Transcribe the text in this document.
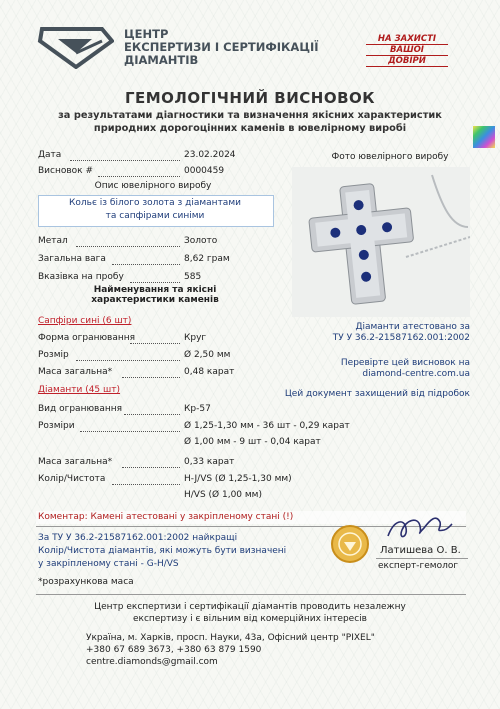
ЦЕНТР
ЕКСПЕРТИЗИ І СЕРТИФІКАЦІЇ
ДІАМАНТІВ
НА ЗАХИСТІ
ВАШОЇ
ДОВІРИ
ГЕМОЛОГІЧНИЙ ВИСНОВОК
за результатами діагностики та визначення якісних характеристик
природних дорогоцінних каменів в ювелірному виробі
Дата	23.02.2024
Висновок #	0000459
Опис ювелірного виробу
Кольє із білого золота з діамантами
та сапфірами синіми
Метал	Золото
Загальна вага	8,62 грам
Вказівка на пробу	585
Найменування та якісні
характеристики каменів
Сапфіри сині (6 шт)
Форма огранювання	Круг
Розмір	Ø 2,50 мм
Маса загальна*	0,48 карат
Діаманти (45 шт)
Вид огранювання	Кр-57
Розміри	Ø 1,25-1,30 мм - 36 шт - 0,29 карат
Ø 1,00 мм - 9 шт - 0,04 карат
Маса загальна*	0,33 карат
Колір/Чистота	H-J/VS (Ø 1,25-1,30 мм)
H/VS (Ø 1,00 мм)
Фото ювелірного виробу
Діаманти атестовано за
ТУ У 36.2-21587162.001:2002
Перевірте цей висновок на
diamond-centre.com.ua
Цей документ захищений від підробок
Коментар: Камені атестовані у закріпленому стані (!)
За ТУ У 36.2-21587162.001:2002 найкращі
Колір/Чистота діамантів, які можуть бути визначені
у закріпленому стані - G-H/VS
*розрахункова маса
Латишева О. В.
експерт-гемолог
Центр експертизи і сертифікації діамантів проводить незалежну
експертизу і є вільним від комерційних інтересів
Україна, м. Харків, просп. Науки, 43а, Офісний центр "PIXEL"
+380 67 689 3673, +380 63 879 1590
centre.diamonds@gmail.com
